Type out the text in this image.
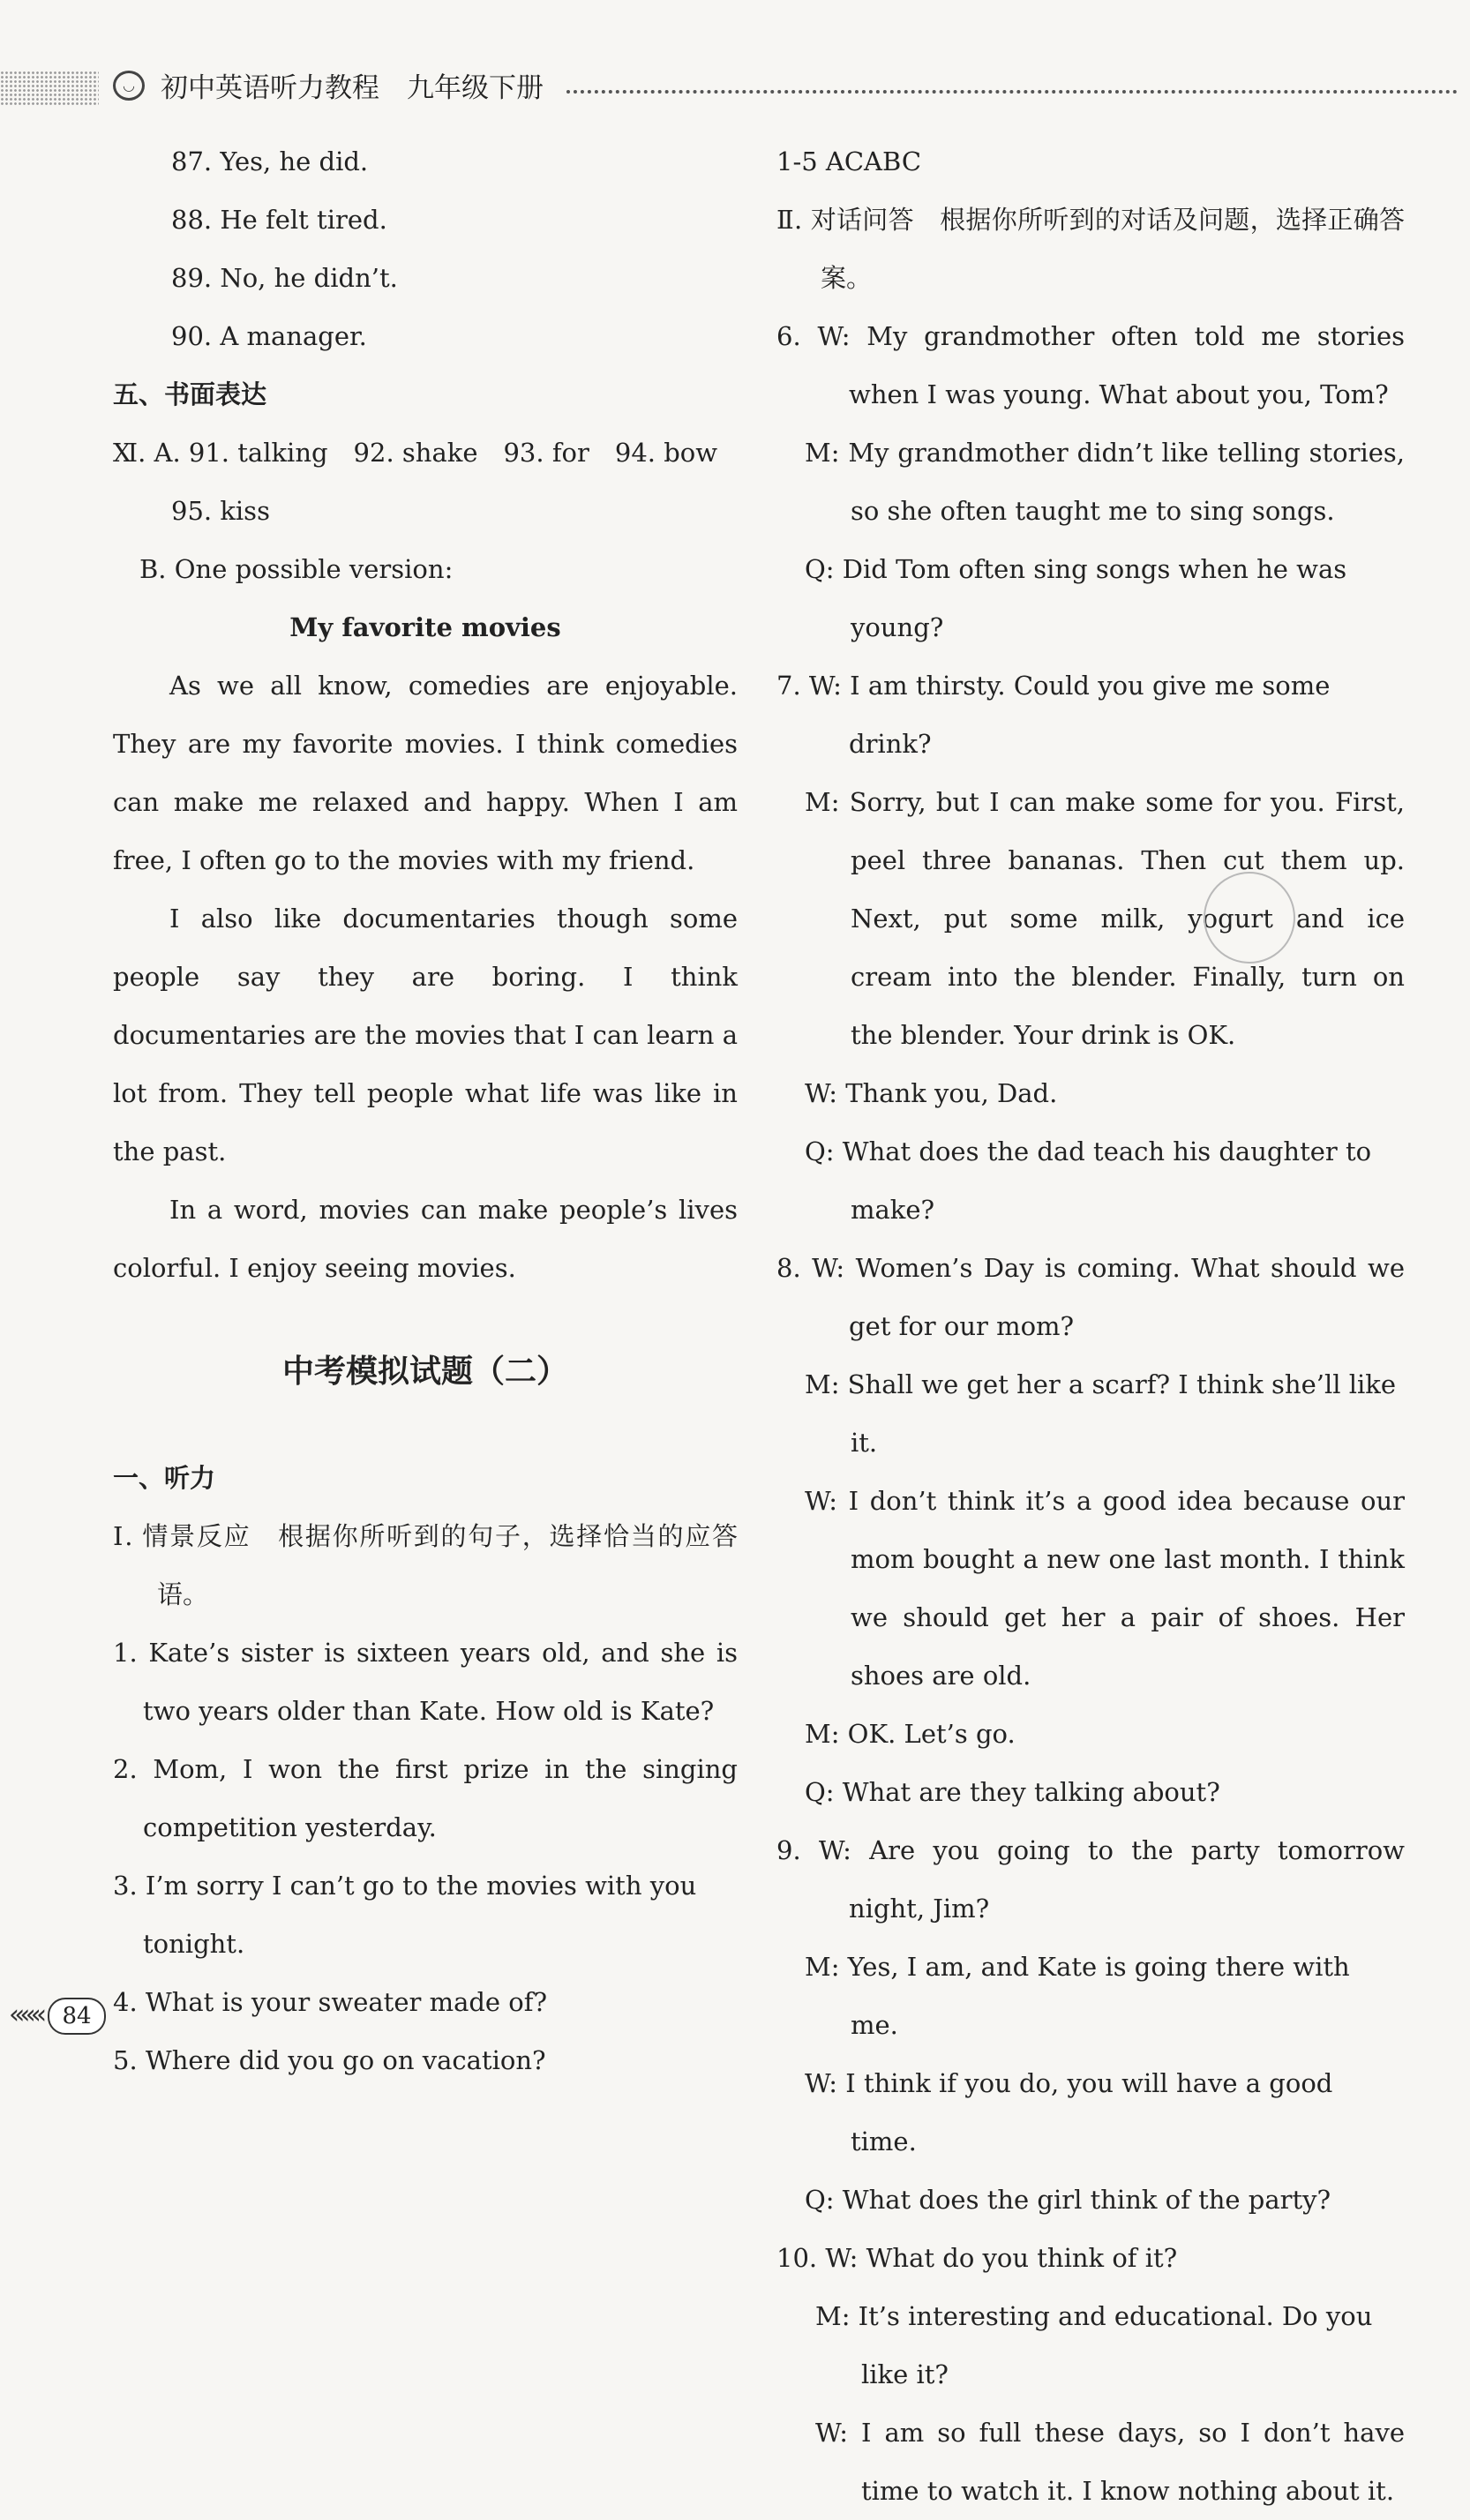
◡ 初中英语听力教程　九年级下册
87. Yes, he did.
88. He felt tired.
89. No, he didn’t.
90. A manager.
五、书面表达
Ⅺ. A. 91. talking　92. shake　93. for　94. bow
95. kiss
B. One possible version:
My favorite movies
As we all know, comedies are enjoyable. They are my favorite movies. I think comedies can make me relaxed and happy. When I am free, I often go to the movies with my friend.
I also like documentaries though some people say they are boring. I think documentaries are the movies that I can learn a lot from. They tell people what life was like in the past.
In a word, movies can make people’s lives colorful. I enjoy seeing movies.
中考模拟试题（二）
一、听力
Ⅰ. 情景反应　根据你所听到的句子，选择恰当的应答语。
1. Kate’s sister is sixteen years old, and she is two years older than Kate. How old is Kate?
2. Mom, I won the first prize in the singing competition yesterday.
3. I’m sorry I can’t go to the movies with you tonight.
4. What is your sweater made of?
5. Where did you go on vacation?
1-5 ACABC
Ⅱ. 对话问答　根据你所听到的对话及问题，选择正确答案。
6. W: My grandmother often told me stories when I was young. What about you, Tom?
M: My grandmother didn’t like telling stories, so she often taught me to sing songs.
Q: Did Tom often sing songs when he was young?
7. W: I am thirsty. Could you give me some drink?
M: Sorry, but I can make some for you. First, peel three bananas. Then cut them up. Next, put some milk, yogurt and ice cream into the blender. Finally, turn on the blender. Your drink is OK.
W: Thank you, Dad.
Q: What does the dad teach his daughter to make?
8. W: Women’s Day is coming. What should we get for our mom?
M: Shall we get her a scarf? I think she’ll like it.
W: I don’t think it’s a good idea because our mom bought a new one last month. I think we should get her a pair of shoes. Her shoes are old.
M: OK. Let’s go.
Q: What are they talking about?
9. W: Are you going to the party tomorrow night, Jim?
M: Yes, I am, and Kate is going there with me.
W: I think if you do, you will have a good time.
Q: What does the girl think of the party?
10. W: What do you think of it?
M: It’s interesting and educational. Do you like it?
W: I am so full these days, so I don’t have time to watch it. I know nothing about it.
««« 84
